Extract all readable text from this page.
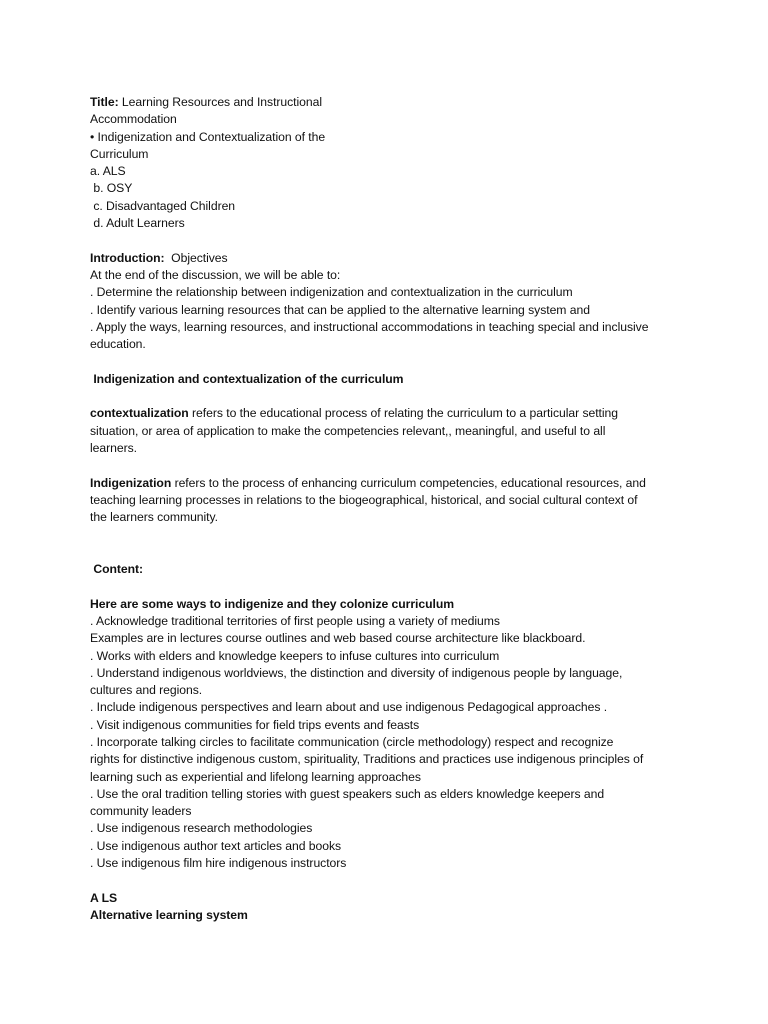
Title: Learning Resources and Instructional
Accommodation
• Indigenization and Contextualization of the
Curriculum
a. ALS
b. OSY
c. Disadvantaged Children
d. Adult Learners
Introduction:  Objectives
At the end of the discussion, we will be able to:
. Determine the relationship between indigenization and contextualization in the curriculum
. Identify various learning resources that can be applied to the alternative learning system and
. Apply the ways, learning resources, and instructional accommodations in teaching special and inclusive
education.
Indigenization and contextualization of the curriculum
contextualization refers to the educational process of relating the curriculum to a particular setting
situation, or area of application to make the competencies relevant,, meaningful, and useful to all
learners.
Indigenization refers to the process of enhancing curriculum competencies, educational resources, and
teaching learning processes in relations to the biogeographical, historical, and social cultural context of
the learners community.
Content:
Here are some ways to indigenize and they colonize curriculum
. Acknowledge traditional territories of first people using a variety of mediums
Examples are in lectures course outlines and web based course architecture like blackboard.
. Works with elders and knowledge keepers to infuse cultures into curriculum
. Understand indigenous worldviews, the distinction and diversity of indigenous people by language,
cultures and regions.
. Include indigenous perspectives and learn about and use indigenous Pedagogical approaches .
. Visit indigenous communities for field trips events and feasts
. Incorporate talking circles to facilitate communication (circle methodology) respect and recognize
rights for distinctive indigenous custom, spirituality, Traditions and practices use indigenous principles of
learning such as experiential and lifelong learning approaches
. Use the oral tradition telling stories with guest speakers such as elders knowledge keepers and
community leaders
. Use indigenous research methodologies
. Use indigenous author text articles and books
. Use indigenous film hire indigenous instructors
A LS
Alternative learning system
